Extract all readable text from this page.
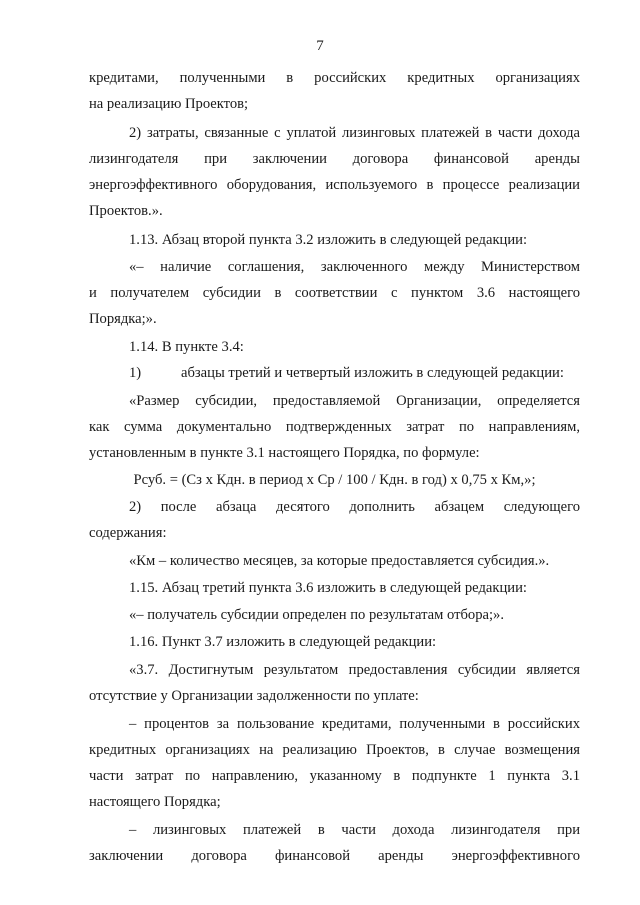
7
кредитами, полученными в российских кредитных организациях
на реализацию Проектов;
2) затраты, связанные с уплатой лизинговых платежей в части дохода
лизингодателя при заключении договора финансовой аренды
энергоэффективного оборудования, используемого в процессе реализации
Проектов.».
1.13. Абзац второй пункта 3.2 изложить в следующей редакции:
«– наличие соглашения, заключенного между Министерством
и получателем субсидии в соответствии с пунктом 3.6 настоящего
Порядка;».
1.14. В пункте 3.4:
1)	абзацы третий и четвертый изложить в следующей редакции:
«Размер субсидии, предоставляемой Организации, определяется
как сумма документально подтвержденных затрат по направлениям,
установленным в пункте 3.1 настоящего Порядка, по формуле:
Рсуб. = (Сз х Кдн. в период х Ср / 100 / Кдн. в год) х 0,75 х Км,»;
2) после абзаца десятого дополнить абзацем следующего
содержания:
«Км – количество месяцев, за которые предоставляется субсидия.».
1.15. Абзац третий пункта 3.6 изложить в следующей редакции:
«– получатель субсидии определен по результатам отбора;».
1.16. Пункт 3.7 изложить в следующей редакции:
«3.7. Достигнутым результатом предоставления субсидии является
отсутствие у Организации задолженности по уплате:
– процентов за пользование кредитами, полученными в российских
кредитных организациях на реализацию Проектов, в случае возмещения
части затрат по направлению, указанному в подпункте 1 пункта 3.1
настоящего Порядка;
– лизинговых платежей в части дохода лизингодателя при
заключении договора финансовой аренды энергоэффективного
